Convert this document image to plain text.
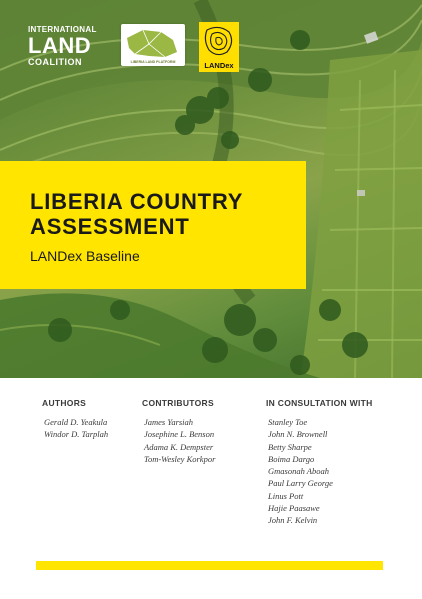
INTERNATIONAL
LAND
COALITION	LIBERIA LAND PLATFORM	LANDex
LIBERIA COUNTRY
ASSESSMENT

LANDex Baseline

AUTHORS
Gerald D. Yeakula
Windor D. Tarplah
CONTRIBUTORS
James Yarsiah
Josephine L. Benson
Adama K. Dempster
Tom-Wesley Korkpor
IN CONSULTATION WITH
Stanley Toe
John N. Brownell
Betty Sharpe
Boima Dargo
Gmasonah Aboah
Paul Larry George
Linus Pott
Hajie Paasawe
John F. Kelvin
